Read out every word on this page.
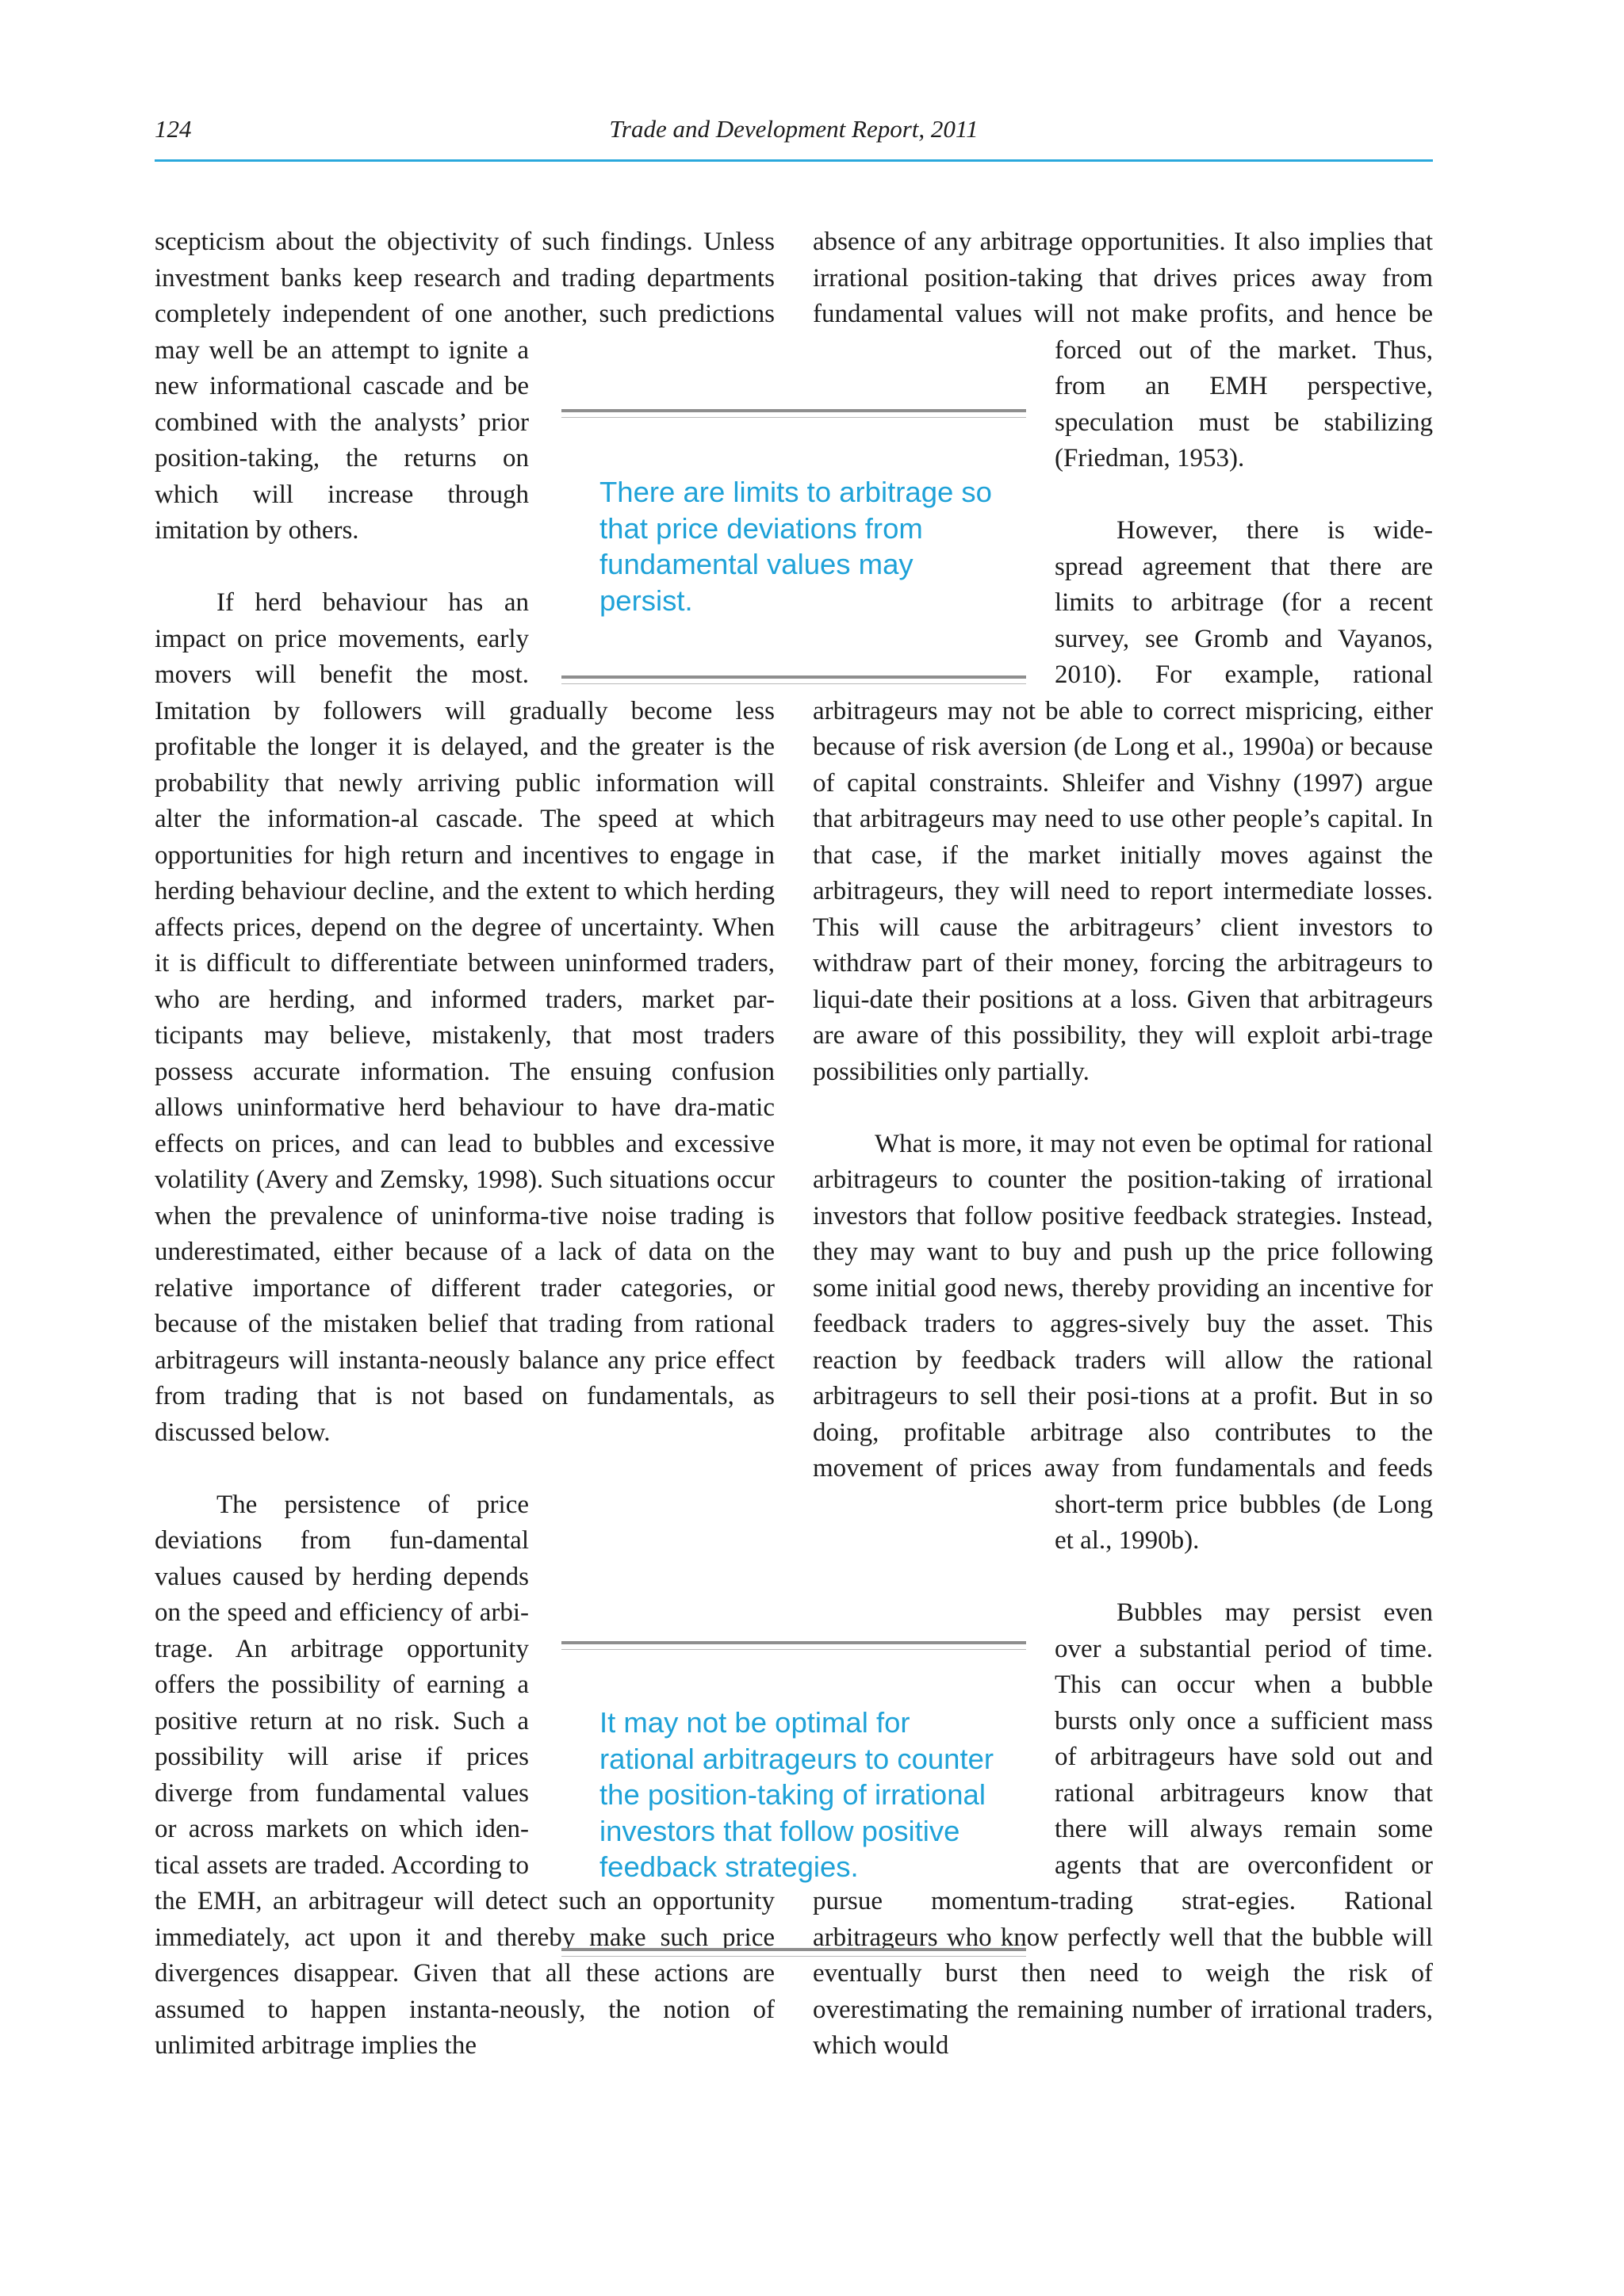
124	Trade and Development Report, 2011

scepticism about the objectivity of such findings. Unless investment banks keep research and trading departments completely independent of one another, such predictions may well be an attempt to ignite a new informational cascade and be combined with the analysts’ prior position-taking, the returns on which will increase through imitation by others.

If herd behaviour has an impact on price movements, early movers will benefit the most. Imitation by followers will gradually become less profitable the longer it is delayed, and the greater is the probability that newly arriving public information will alter the information-al cascade. The speed at which opportunities for high return and incentives to engage in herding behaviour decline, and the extent to which herding affects prices, depend on the degree of uncertainty. When it is difficult to differentiate between uninformed traders, who are herding, and informed traders, market par-ticipants may believe, mistakenly, that most traders possess accurate information. The ensuing confusion allows uninformative herd behaviour to have dra-matic effects on prices, and can lead to bubbles and excessive volatility (Avery and Zemsky, 1998). Such situations occur when the prevalence of uninforma-tive noise trading is underestimated, either because of a lack of data on the relative importance of different trader categories, or because of the mistaken belief that trading from rational arbitrageurs will instanta-neously balance any price effect from trading that is not based on fundamentals, as discussed below.

The persistence of price deviations from fun-damental values caused by herding depends on the speed and efficiency of arbi-trage. An arbitrage opportunity offers the possibility of earning a positive return at no risk. Such a possibility will arise if prices diverge from fundamental values or across markets on which iden-tical assets are traded. According to the EMH, an arbitrageur will detect such an opportunity immediately, act upon it and thereby make such price divergences disappear. Given that all these actions are assumed to happen instanta-neously, the notion of unlimited arbitrage implies the

absence of any arbitrage opportunities. It also implies that irrational position-taking that drives prices away from fundamental values will not make profits, and hence be forced out of the market. Thus, from an EMH perspective, speculation must be stabilizing (Friedman, 1953).

However, there is wide-spread agreement that there are limits to arbitrage (for a recent survey, see Gromb and Vayanos, 2010). For example, rational arbitrageurs may not be able to correct mispricing, either because of risk aversion (de Long et al., 1990a) or because of capital constraints. Shleifer and Vishny (1997) argue that arbitrageurs may need to use other people’s capital. In that case, if the market initially moves against the arbitrageurs, they will need to report intermediate losses. This will cause the arbitrageurs’ client investors to withdraw part of their money, forcing the arbitrageurs to liqui-date their positions at a loss. Given that arbitrageurs are aware of this possibility, they will exploit arbi-trage possibilities only partially.

What is more, it may not even be optimal for rational arbitrageurs to counter the position-taking of irrational investors that follow positive feedback strategies. Instead, they may want to buy and push up the price following some initial good news, thereby providing an incentive for feedback traders to aggres-sively buy the asset. This reaction by feedback traders will allow the rational arbitrageurs to sell their posi-tions at a profit. But in so doing, profitable arbitrage also contributes to the movement of prices away from fundamentals and feeds short-term price bubbles (de Long et al., 1990b).

Bubbles may persist even over a substantial period of time. This can occur when a bubble bursts only once a sufficient mass of arbitrageurs have sold out and rational arbitrageurs know that there will always remain some agents that are overconfident or pursue momentum-trading strat-egies. Rational arbitrageurs who know perfectly well that the bubble will eventually burst then need to weigh the risk of overestimating the remaining number of irrational traders, which would

There are limits to arbitrage so that price deviations from fundamental values may persist.
It may not be optimal for rational arbitrageurs to counter the position-taking of irrational investors that follow positive feedback strategies.
